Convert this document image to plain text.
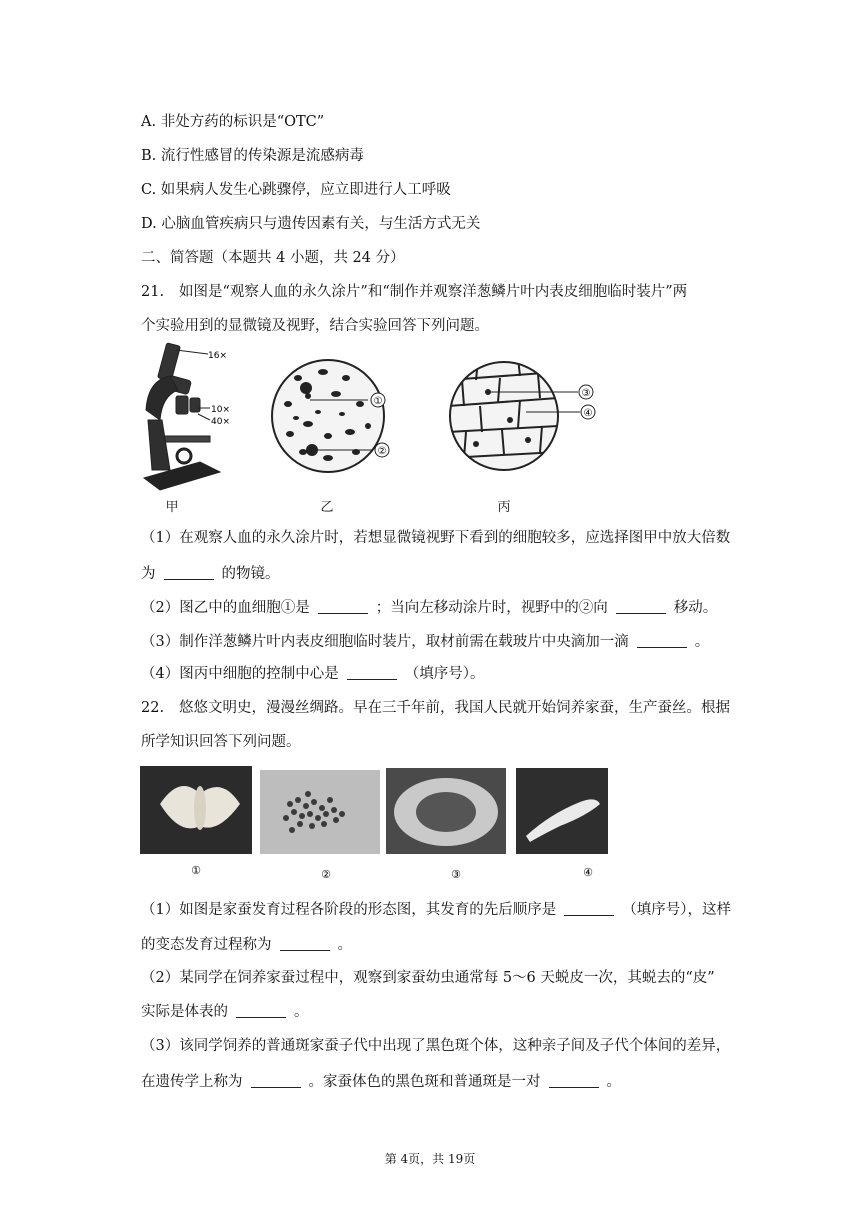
A. 非处方药的标识是“OTC”
B. 流行性感冒的传染源是流感病毒
C. 如果病人发生心跳骤停，应立即进行人工呼吸
D. 心脑血管疾病只与遗传因素有关，与生活方式无关
二、简答题（本题共 4 小题，共 24 分）
21. 如图是“观察人血的永久涂片”和“制作并观察洋葱鳞片叶内表皮细胞临时装片”两
个实验用到的显微镜及视野，结合实验回答下列问题。
16×
10×
40×
甲
①
②
乙
③
④
丙
（1）在观察人血的永久涂片时，若想显微镜视野下看到的细胞较多，应选择图甲中放大倍数
为	的物镜。
（2）图乙中的血细胞①是	；当向左移动涂片时，视野中的②向	移动。
（3）制作洋葱鳞片叶内表皮细胞临时装片，取材前需在载玻片中央滴加一滴	。
（4）图丙中细胞的控制中心是	（填序号）。
22. 悠悠文明史，漫漫丝绸路。早在三千年前，我国人民就开始饲养家蚕，生产蚕丝。根据
所学知识回答下列问题。
①	②	③	④
（1）如图是家蚕发育过程各阶段的形态图，其发育的先后顺序是	（填序号），这样
的变态发育过程称为	。
（2）某同学在饲养家蚕过程中，观察到家蚕幼虫通常每 5～6 天蜕皮一次，其蜕去的“皮”
实际是体表的	。
（3）该同学饲养的普通斑家蚕子代中出现了黑色斑个体，这种亲子间及子代个体间的差异，
在遗传学上称为	。家蚕体色的黑色斑和普通斑是一对	。
第 4页，共 19页
